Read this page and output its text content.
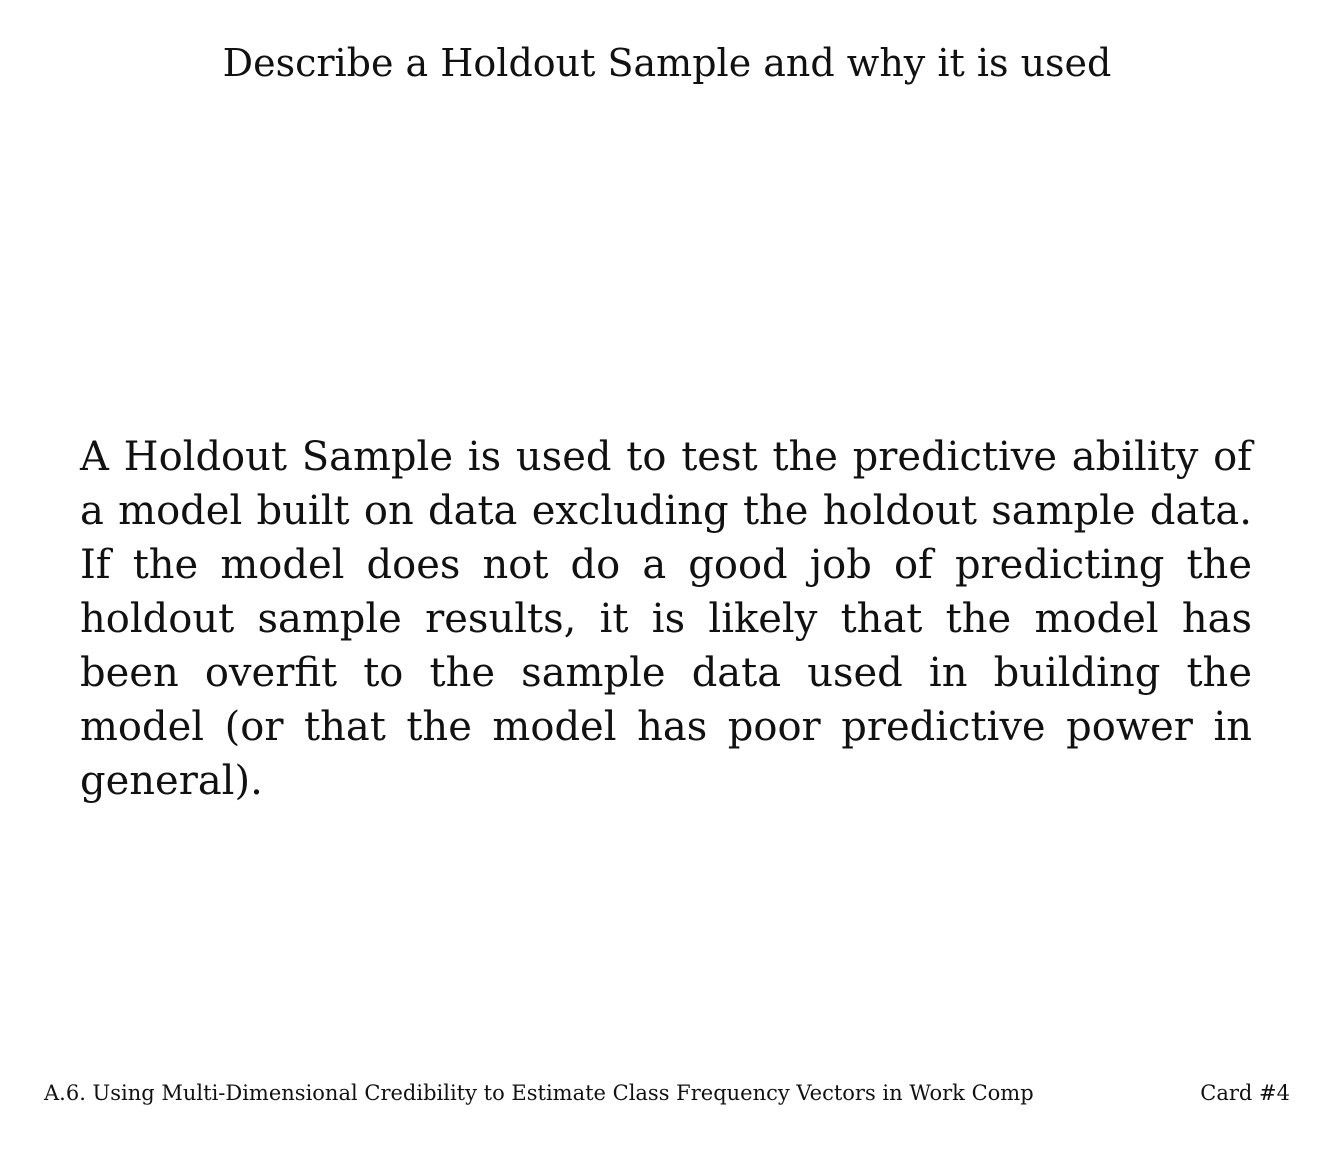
Describe a Holdout Sample and why it is used

A Holdout Sample is used to test the predictive ability of a model built on data excluding the holdout sample data. If the model does not do a good job of predicting the holdout sample results, it is likely that the model has been overfit to the sample data used in building the model (or that the model has poor predictive power in general).

A.6. Using Multi-Dimensional Credibility to Estimate Class Frequency Vectors in Work Comp	Card #4
